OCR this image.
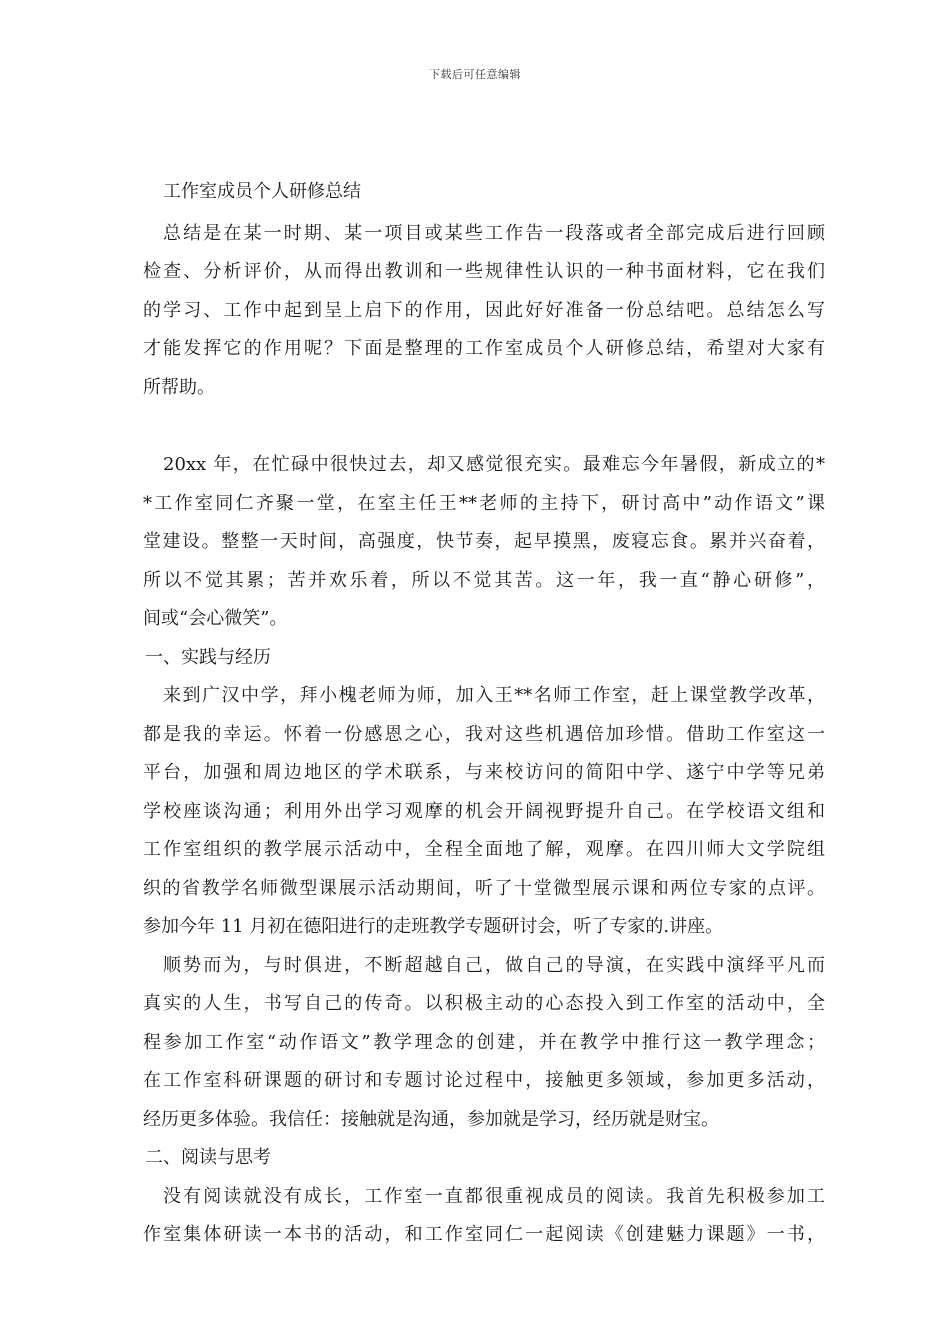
下载后可任意编辑
工作室成员个人研修总结
总结是在某一时期、某一项目或某些工作告一段落或者全部完成后进行回顾
检查、分析评价，从而得出教训和一些规律性认识的一种书面材料，它在我们
的学习、工作中起到呈上启下的作用，因此好好准备一份总结吧。总结怎么写
才能发挥它的作用呢？下面是整理的工作室成员个人研修总结，希望对大家有
所帮助。
20xx 年，在忙碌中很快过去，却又感觉很充实。最难忘今年暑假，新成立的*
*工作室同仁齐聚一堂，在室主任王**老师的主持下，研讨高中”动作语文”课
堂建设。整整一天时间，高强度，快节奏，起早摸黑，废寝忘食。累并兴奋着，
所以不觉其累；苦并欢乐着，所以不觉其苦。这一年，我一直“静心研修”，
间或“会心微笑”。
一、实践与经历
来到广汉中学，拜小槐老师为师，加入王**名师工作室，赶上课堂教学改革，
都是我的幸运。怀着一份感恩之心，我对这些机遇倍加珍惜。借助工作室这一
平台，加强和周边地区的学术联系，与来校访问的简阳中学、遂宁中学等兄弟
学校座谈沟通；利用外出学习观摩的机会开阔视野提升自己。在学校语文组和
工作室组织的教学展示活动中，全程全面地了解，观摩。在四川师大文学院组
织的省教学名师微型课展示活动期间，听了十堂微型展示课和两位专家的点评。
参加今年 11 月初在德阳进行的走班教学专题研讨会，听了专家的.讲座。
顺势而为，与时俱进，不断超越自己，做自己的导演，在实践中演绎平凡而
真实的人生，书写自己的传奇。以积极主动的心态投入到工作室的活动中，全
程参加工作室“动作语文”教学理念的创建，并在教学中推行这一教学理念；
在工作室科研课题的研讨和专题讨论过程中，接触更多领域，参加更多活动，
经历更多体验。我信任：接触就是沟通，参加就是学习，经历就是财宝。
二、阅读与思考
没有阅读就没有成长，工作室一直都很重视成员的阅读。我首先积极参加工
作室集体研读一本书的活动，和工作室同仁一起阅读《创建魅力课题》一书，
